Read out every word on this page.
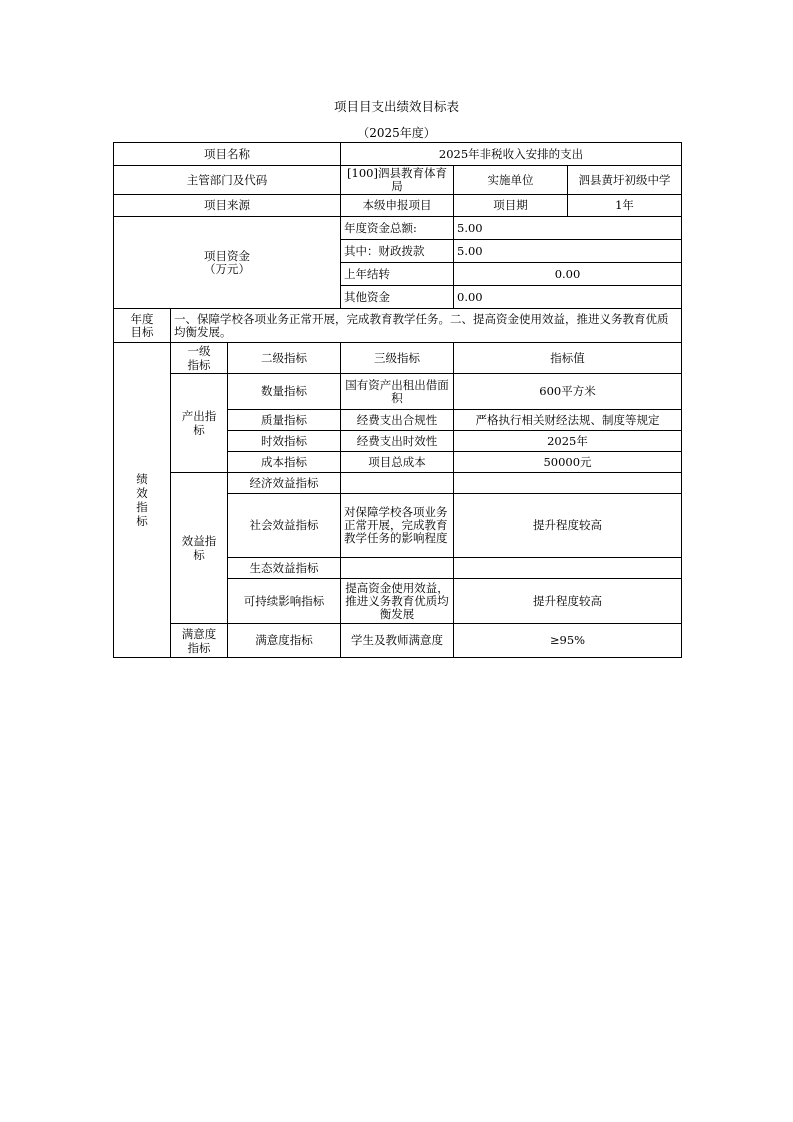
项目目支出绩效目标表
（2025年度）
项目名称			2025年非税收入安排的支出		
主管部门及代码			[100]泗县教育体育局	实施单位	泗县黄圩初级中学
项目来源			本级申报项目	项目期	1年

项目资金
（万元）			年度资金总额:	5.00	
			其中：财政拨款	5.00	
			上年结转	0.00	
			其他资金	0.00	

年度
目标	一、保障学校各项业务正常开展，完成教育教学任务。二、提高资金使用效益，推进义务教育优质均衡发展。				

绩效指标	一级指标	二级指标	三级指标	指标值	

	产出指标	数量指标	国有资产出租出借面积	600平方米	
		质量指标	经费支出合规性	严格执行相关财经法规、制度等规定	
		时效指标	经费支出时效性	2025年	
		成本指标	项目总成本	50000元	

	效益指标	经济效益指标			
		社会效益指标	对保障学校各项业务正常开展，完成教育教学任务的影响程度	提升程度较高	
		生态效益指标			
		可持续影响指标	提高资金使用效益，推进义务教育优质均衡发展	提升程度较高	

	满意度指标	满意度指标	学生及教师满意度	≥95%	
